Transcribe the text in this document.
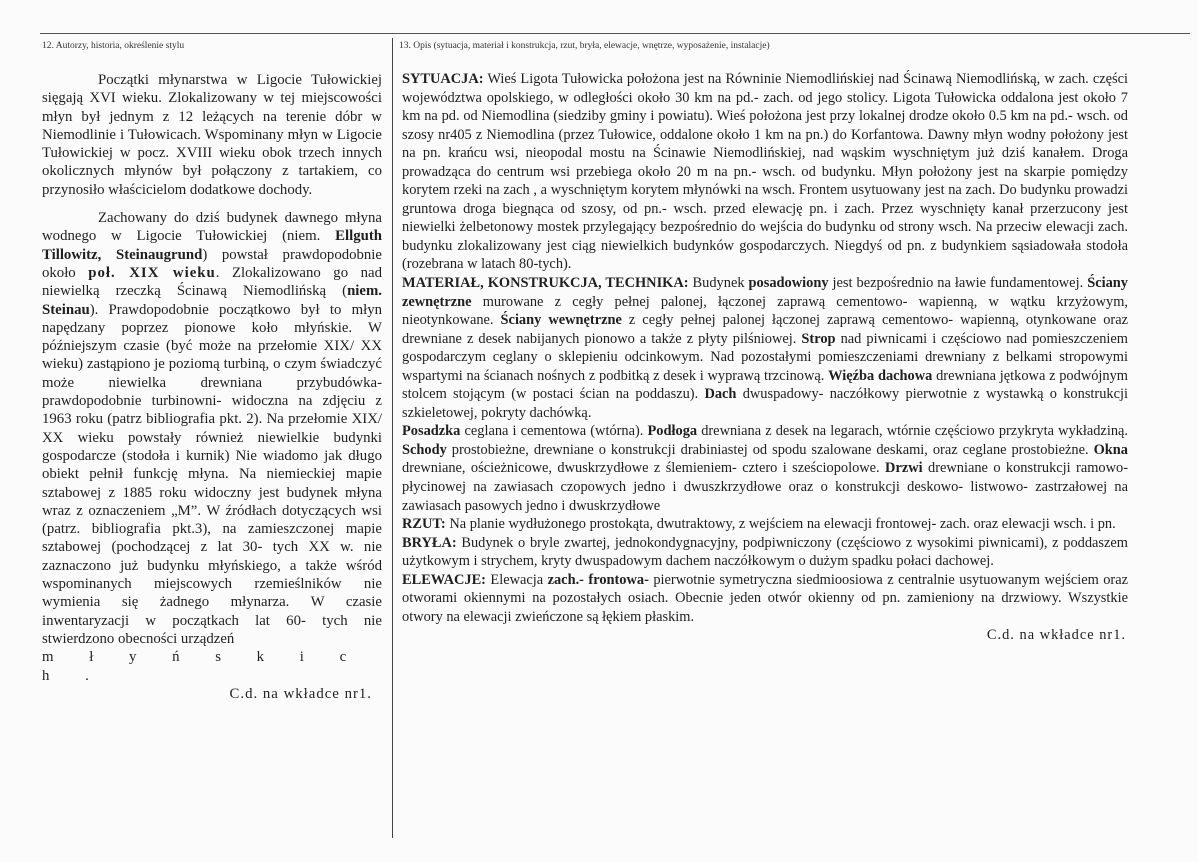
12. Autorzy, historia, określenie stylu	13. Opis (sytuacja, materiał i konstrukcja, rzut, bryła, elewacje, wnętrze, wyposażenie, instalacje)

Początki młynarstwa w Ligocie Tułowickiej sięgają XVI wieku. Zlokalizowany w tej miejscowości młyn był jednym z 12 leżących na terenie dóbr w Niemodlinie i Tułowicach. Wspominany młyn w Ligocie Tułowickiej w pocz. XVIII wieku obok trzech innych okolicznych młynów był połączony z tartakiem, co przynosiło właścicielom dodatkowe dochody.

Zachowany do dziś budynek dawnego młyna wodnego w Ligocie Tułowickiej (niem. Ellguth Tillowitz, Steinaugrund) powstał prawdopodobnie około poł. XIX wieku. Zlokalizowano go nad niewielką rzeczką Ścinawą Niemodlińską (niem. Steinau). Prawdopodobnie początkowo był to młyn napędzany poprzez pionowe koło młyńskie. W późniejszym czasie (być może na przełomie XIX/ XX wieku) zastąpiono je poziomą turbiną, o czym świadczyć może niewielka drewniana przybudówka- prawdopodobnie turbinowni- widoczna na zdjęciu z 1963 roku (patrz bibliografia pkt. 2). Na przełomie XIX/ XX wieku powstały również niewielkie budynki gospodarcze (stodoła i kurnik) Nie wiadomo jak długo obiekt pełnił funkcję młyna. Na niemieckiej mapie sztabowej z 1885 roku widoczny jest budynek młyna wraz z oznaczeniem „M”. W źródłach dotyczących wsi (patrz. bibliografia pkt.3), na zamieszczonej mapie sztabowej (pochodzącej z lat 30- tych XX w. nie zaznaczono już budynku młyńskiego, a także wśród wspominanych miejscowych rzemieślników nie wymienia się żadnego młynarza. W czasie inwentaryzacji w początkach lat 60- tych nie stwierdzono obecności urządzeń

m ł y ń s k i c h .

C.d. na wkładce nr1.

SYTUACJA: Wieś Ligota Tułowicka położona jest na Równinie Niemodlińskiej nad Ścinawą Niemodlińską, w zach. części województwa opolskiego, w odległości około 30 km na pd.- zach. od jego stolicy. Ligota Tułowicka oddalona jest około 7 km na pd. od Niemodlina (siedziby gminy i powiatu). Wieś położona jest przy lokalnej drodze około 0.5 km na pd.- wsch. od szosy nr405 z Niemodlina (przez Tułowice, oddalone około 1 km na pn.) do Korfantowa. Dawny młyn wodny położony jest na pn. krańcu wsi, nieopodal mostu na Ścinawie Niemodlińskiej, nad wąskim wyschniętym już dziś kanałem. Droga prowadząca do centrum wsi przebiega około 20 m na pn.- wsch. od budynku. Młyn położony jest na skarpie pomiędzy korytem rzeki na zach , a wyschniętym korytem młynówki na wsch. Frontem usytuowany jest na zach. Do budynku prowadzi gruntowa droga biegnąca od szosy, od pn.- wsch. przed elewację pn. i zach. Przez wyschnięty kanał przerzucony jest niewielki żelbetonowy mostek przylegający bezpośrednio do wejścia do budynku od strony wsch. Na przeciw elewacji zach. budynku zlokalizowany jest ciąg niewielkich budynków gospodarczych. Niegdyś od pn. z budynkiem sąsiadowała stodoła (rozebrana w latach 80-tych).

MATERIAŁ, KONSTRUKCJA, TECHNIKA: Budynek posadowiony jest bezpośrednio na ławie fundamentowej. Ściany zewnętrzne murowane z cegły pełnej palonej, łączonej zaprawą cementowo- wapienną, w wątku krzyżowym, nieotynkowane. Ściany wewnętrzne z cegły pełnej palonej łączonej zaprawą cementowo- wapienną, otynkowane oraz drewniane z desek nabijanych pionowo a także z płyty pilśniowej. Strop nad piwnicami i częściowo nad pomieszczeniem gospodarczym ceglany o sklepieniu odcinkowym. Nad pozostałymi pomieszczeniami drewniany z belkami stropowymi wspartymi na ścianach nośnych z podbitką z desek i wyprawą trzcinową. Więźba dachowa drewniana jętkowa z podwójnym stolcem stojącym (w postaci ścian na poddaszu). Dach dwuspadowy- naczółkowy pierwotnie z wystawką o konstrukcji szkieletowej, pokryty dachówką.

Posadzka ceglana i cementowa (wtórna). Podłoga drewniana z desek na legarach, wtórnie częściowo przykryta wykładziną. Schody prostobieżne, drewniane o konstrukcji drabiniastej od spodu szalowane deskami, oraz ceglane prostobieżne. Okna drewniane, ościeżnicowe, dwuskrzydłowe z ślemieniem- cztero i sześciopolowe. Drzwi drewniane o konstrukcji ramowo- płycinowej na zawiasach czopowych jedno i dwuszkrzydłowe oraz o konstrukcji deskowo- listwowo- zastrzałowej na zawiasach pasowych jedno i dwuskrzydłowe

RZUT: Na planie wydłużonego prostokąta, dwutraktowy, z wejściem na elewacji frontowej- zach. oraz elewacji wsch. i pn.

BRYŁA: Budynek o bryle zwartej, jednokondygnacyjny, podpiwniczony (częściowo z wysokimi piwnicami), z poddaszem użytkowym i strychem, kryty dwuspadowym dachem naczółkowym o dużym spadku połaci dachowej.

ELEWACJE: Elewacja zach.- frontowa- pierwotnie symetryczna siedmioosiowa z centralnie usytuowanym wejściem oraz otworami okiennymi na pozostałych osiach. Obecnie jeden otwór okienny od pn. zamieniony na drzwiowy. Wszystkie otwory na elewacji zwieńczone są łękiem płaskim.

C.d. na wkładce nr1.
